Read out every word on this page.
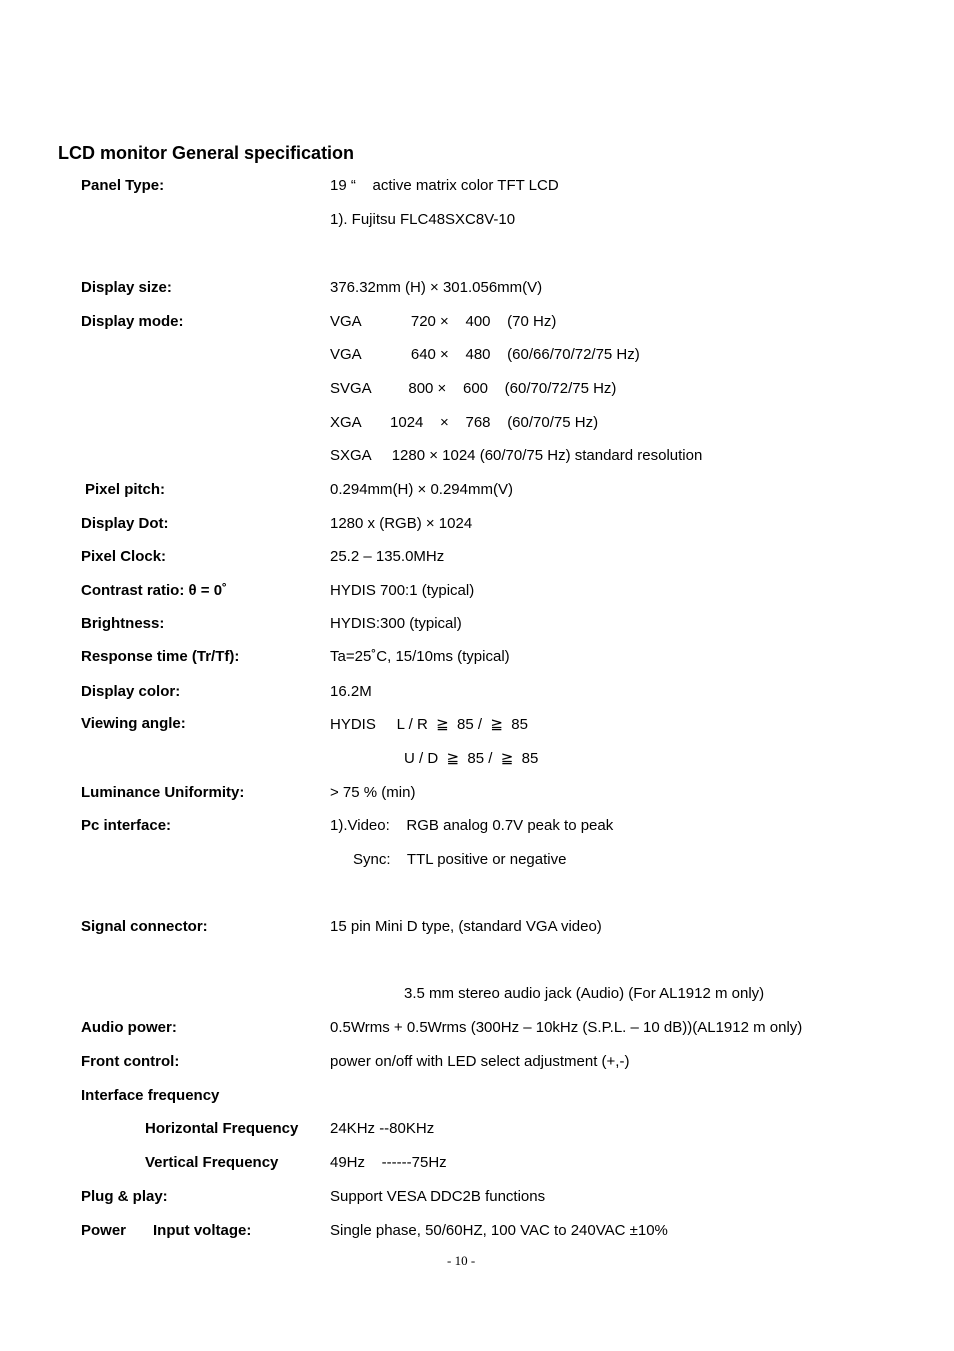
LCD monitor General specification
Panel Type:	19 “    active matrix color TFT LCD
1). Fujitsu FLC48SXC8V-10
Display size:	376.32mm (H) × 301.056mm(V)
Display mode:	VGA            720 ×    400    (70 Hz)
VGA            640 ×    480    (60/66/70/72/75 Hz)
SVGA         800 ×    600    (60/70/72/75 Hz)
XGA       1024    ×    768    (60/70/75 Hz)
SXGA     1280 × 1024 (60/70/75 Hz) standard resolution
Pixel pitch:	0.294mm(H) × 0.294mm(V)
Display Dot:	1280 x (RGB) × 1024
Pixel Clock:	25.2 – 135.0MHz
Contrast ratio: θ = 0˚	HYDIS 700:1 (typical)
Brightness:	HYDIS:300 (typical)
Response time (Tr/Tf):	Ta=25˚C, 15/10ms (typical)
Display color:	16.2M
Viewing angle:	HYDIS     L / R  ≧  85 /  ≧  85
U / D  ≧  85 /  ≧  85
Luminance Uniformity:	> 75 % (min)
Pc interface:	1).Video:    RGB analog 0.7V peak to peak
Sync:    TTL positive or negative
Signal connector:	15 pin Mini D type, (standard VGA video)
3.5 mm stereo audio jack (Audio) (For AL1912 m only)
Audio power:	0.5Wrms + 0.5Wrms (300Hz – 10kHz (S.P.L. – 10 dB))(AL1912 m only)
Front control:	power on/off with LED select adjustment (+,-)
Interface frequency
Horizontal Frequency 24KHz --80KHz
Vertical Frequency	49Hz    ------75Hz
Plug & play:	Support VESA DDC2B functions
Power Input voltage:	Single phase, 50/60HZ, 100 VAC to 240VAC ±10%
- 10 -
